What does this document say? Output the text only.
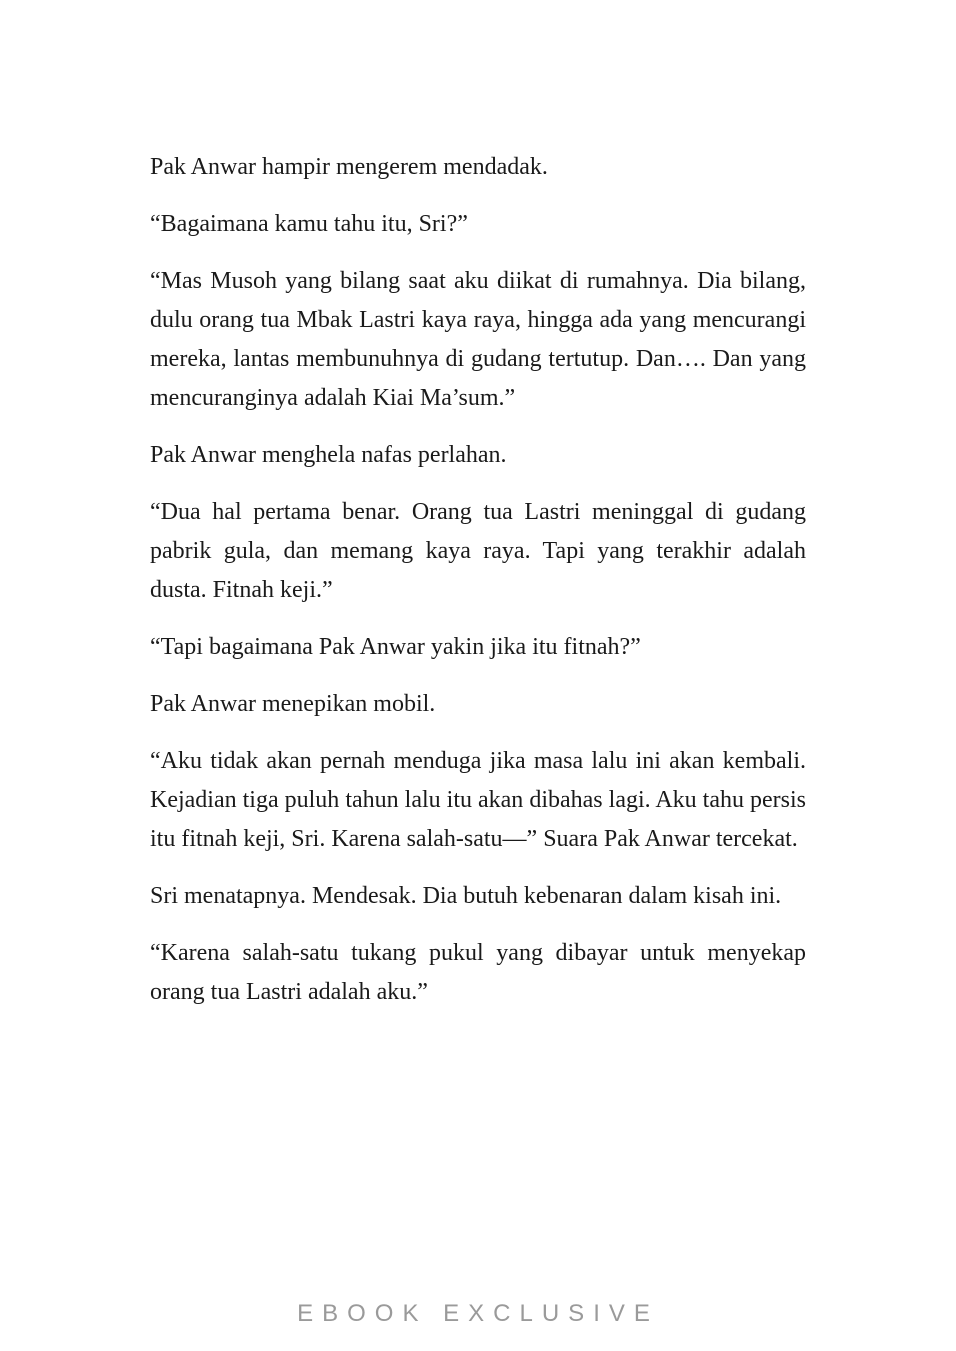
Pak Anwar hampir mengerem mendadak.

“Bagaimana kamu tahu itu, Sri?”

“Mas Musoh yang bilang saat aku diikat di rumahnya. Dia bilang, dulu orang tua Mbak Lastri kaya raya, hingga ada yang mencurangi mereka, lantas membunuhnya di gudang tertutup. Dan…. Dan yang mencuranginya adalah Kiai Ma’sum.”

Pak Anwar menghela nafas perlahan.

“Dua hal pertama benar. Orang tua Lastri meninggal di gudang pabrik gula, dan memang kaya raya. Tapi yang terakhir adalah dusta. Fitnah keji.”

“Tapi bagaimana Pak Anwar yakin jika itu fitnah?”

Pak Anwar menepikan mobil.

“Aku tidak akan pernah menduga jika masa lalu ini akan kembali. Kejadian tiga puluh tahun lalu itu akan dibahas lagi. Aku tahu persis itu fitnah keji, Sri. Karena salah-satu—” Suara Pak Anwar tercekat.

Sri menatapnya. Mendesak. Dia butuh kebenaran dalam kisah ini.

“Karena salah-satu tukang pukul yang dibayar untuk menyekap orang tua Lastri adalah aku.”

EBOOK EXCLUSIVE
